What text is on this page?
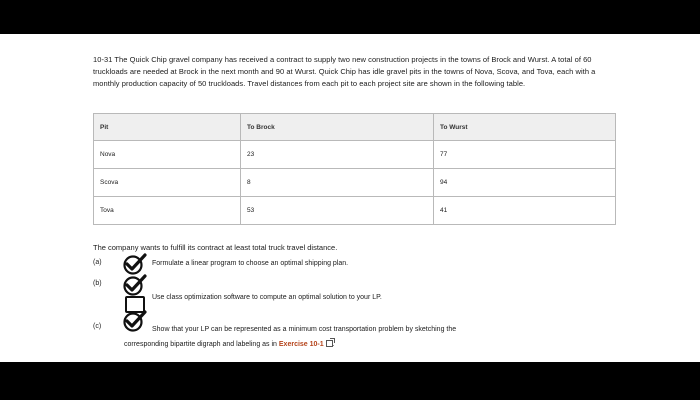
10-31 The Quick Chip gravel company has received a contract to supply two new construction projects in the towns of Brock and Wurst. A total of 60 truckloads are needed at Brock in the next month and 90 at Wurst. Quick Chip has idle gravel pits in the towns of Nova, Scova, and Tova, each with a monthly production capacity of 50 truckloads. Travel distances from each pit to each project site are shown in the following table.
Pit	To Brock	To Wurst
Nova	23	77
Scova	8	94
Tova	53	41
The company wants to fulfill its contract at least total truck travel distance.
(a)	Formulate a linear program to choose an optimal shipping plan.
(b)
Use class optimization software to compute an optimal solution to your LP.
(c)	Show that your LP can be represented as a minimum cost transportation problem by sketching the
corresponding bipartite digraph and labeling as in Exercise 10-1 .
